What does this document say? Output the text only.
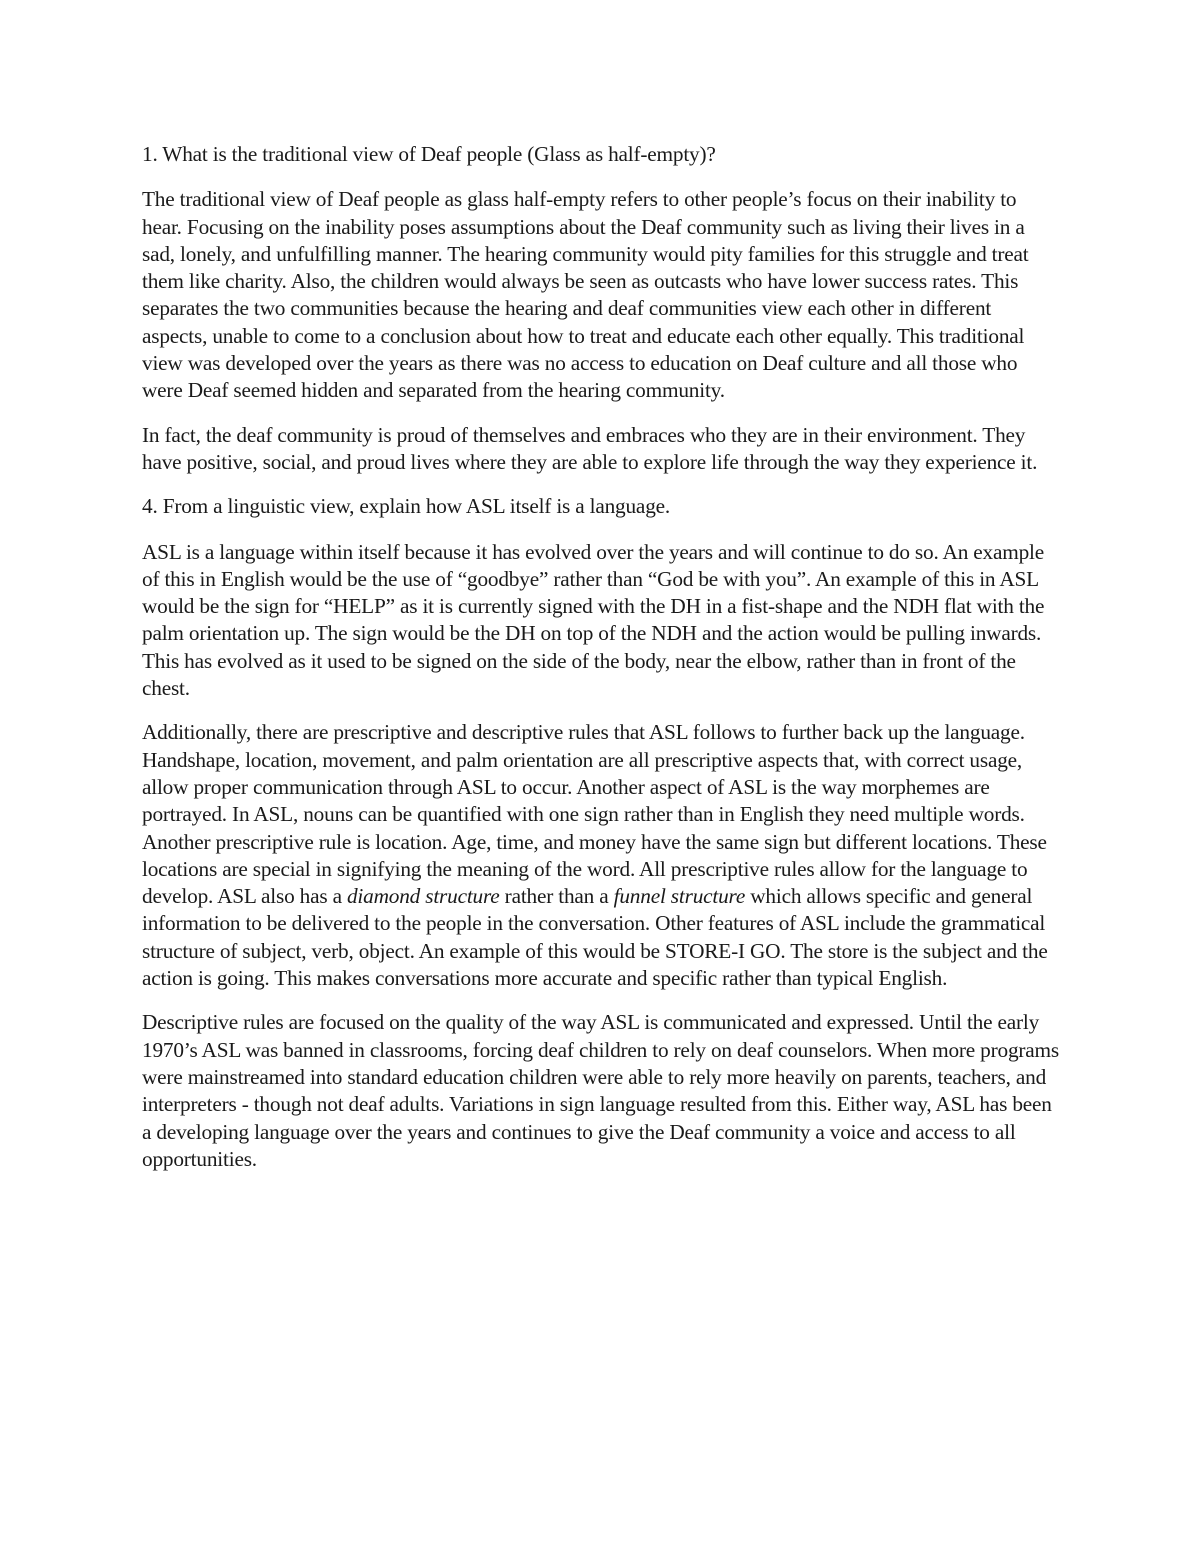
1. What is the traditional view of Deaf people (Glass as half-empty)?

The traditional view of Deaf people as glass half-empty refers to other people’s focus on their inability to hear. Focusing on the inability poses assumptions about the Deaf community such as living their lives in a sad, lonely, and unfulfilling manner. The hearing community would pity families for this struggle and treat them like charity. Also, the children would always be seen as outcasts who have lower success rates. This separates the two communities because the hearing and deaf communities view each other in different aspects, unable to come to a conclusion about how to treat and educate each other equally. This traditional view was developed over the years as there was no access to education on Deaf culture and all those who were Deaf seemed hidden and separated from the hearing community.

In fact, the deaf community is proud of themselves and embraces who they are in their environment. They have positive, social, and proud lives where they are able to explore life through the way they experience it.

4. From a linguistic view, explain how ASL itself is a language.

ASL is a language within itself because it has evolved over the years and will continue to do so. An example of this in English would be the use of “goodbye” rather than “God be with you”. An example of this in ASL would be the sign for “HELP” as it is currently signed with the DH in a fist-shape and the NDH flat with the palm orientation up. The sign would be the DH on top of the NDH and the action would be pulling inwards. This has evolved as it used to be signed on the side of the body, near the elbow, rather than in front of the chest.

Additionally, there are prescriptive and descriptive rules that ASL follows to further back up the language. Handshape, location, movement, and palm orientation are all prescriptive aspects that, with correct usage, allow proper communication through ASL to occur. Another aspect of ASL is the way morphemes are portrayed. In ASL, nouns can be quantified with one sign rather than in English they need multiple words. Another prescriptive rule is location. Age, time, and money have the same sign but different locations. These locations are special in signifying the meaning of the word. All prescriptive rules allow for the language to develop. ASL also has a diamond structure rather than a funnel structure which allows specific and general information to be delivered to the people in the conversation. Other features of ASL include the grammatical structure of subject, verb, object. An example of this would be STORE-I GO. The store is the subject and the action is going. This makes conversations more accurate and specific rather than typical English.

Descriptive rules are focused on the quality of the way ASL is communicated and expressed. Until the early 1970’s ASL was banned in classrooms, forcing deaf children to rely on deaf counselors. When more programs were mainstreamed into standard education children were able to rely more heavily on parents, teachers, and interpreters - though not deaf adults. Variations in sign language resulted from this. Either way, ASL has been a developing language over the years and continues to give the Deaf community a voice and access to all opportunities.
